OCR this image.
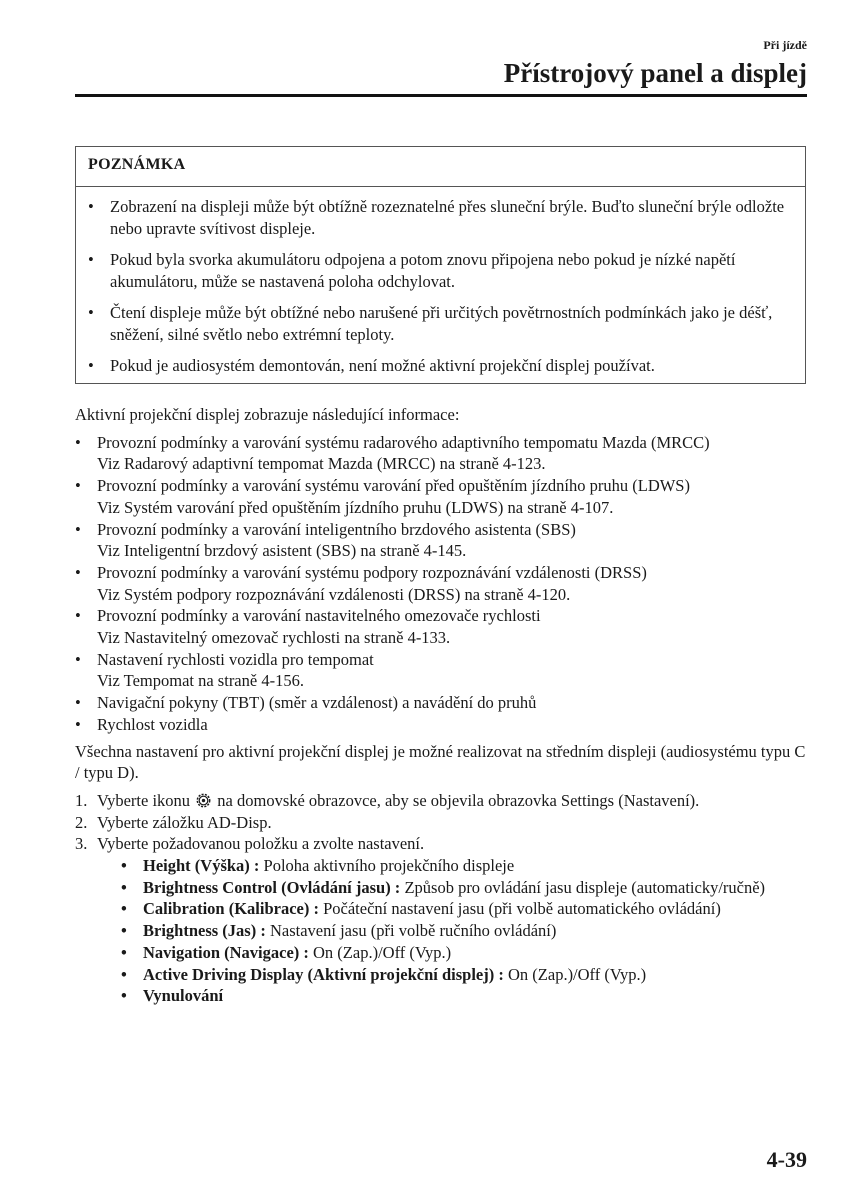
Při jízdě
Přístrojový panel a displej
POZNÁMKA
• Zobrazení na displeji může být obtížně rozeznatelné přes sluneční brýle. Buďto sluneční brýle odložte nebo upravte svítivost displeje.
• Pokud byla svorka akumulátoru odpojena a potom znovu připojena nebo pokud je nízké napětí akumulátoru, může se nastavená poloha odchylovat.
• Čtení displeje může být obtížné nebo narušené při určitých povětrnostních podmínkách jako je déšť, sněžení, silné světlo nebo extrémní teploty.
• Pokud je audiosystém demontován, není možné aktivní projekční displej používat.

Aktivní projekční displej zobrazuje následující informace:

• Provozní podmínky a varování systému radarového adaptivního tempomatu Mazda (MRCC)
Viz Radarový adaptivní tempomat Mazda (MRCC) na straně 4-123.
• Provozní podmínky a varování systému varování před opuštěním jízdního pruhu (LDWS)
Viz Systém varování před opuštěním jízdního pruhu (LDWS) na straně 4-107.
• Provozní podmínky a varování inteligentního brzdového asistenta (SBS)
Viz Inteligentní brzdový asistent (SBS) na straně 4-145.
• Provozní podmínky a varování systému podpory rozpoznávání vzdálenosti (DRSS)
Viz Systém podpory rozpoznávání vzdálenosti (DRSS) na straně 4-120.
• Provozní podmínky a varování nastavitelného omezovače rychlosti
Viz Nastavitelný omezovač rychlosti na straně 4-133.
• Nastavení rychlosti vozidla pro tempomat
Viz Tempomat na straně 4-156.
• Navigační pokyny (TBT) (směr a vzdálenost) a navádění do pruhů
• Rychlost vozidla

Všechna nastavení pro aktivní projekční displej je možné realizovat na středním displeji (audiosystému typu C / typu D).

1. Vyberte ikonu na domovské obrazovce, aby se objevila obrazovka Settings (Nastavení).
2. Vyberte záložku AD-Disp.
3. Vyberte požadovanou položku a zvolte nastavení.
• Height (Výška) : Poloha aktivního projekčního displeje
• Brightness Control (Ovládání jasu) : Způsob pro ovládání jasu displeje (automaticky/ručně)
• Calibration (Kalibrace) : Počáteční nastavení jasu (při volbě automatického ovládání)
• Brightness (Jas) : Nastavení jasu (při volbě ručního ovládání)
• Navigation (Navigace) : On (Zap.)/Off (Vyp.)
• Active Driving Display (Aktivní projekční displej) : On (Zap.)/Off (Vyp.)
• Vynulování
4-39
